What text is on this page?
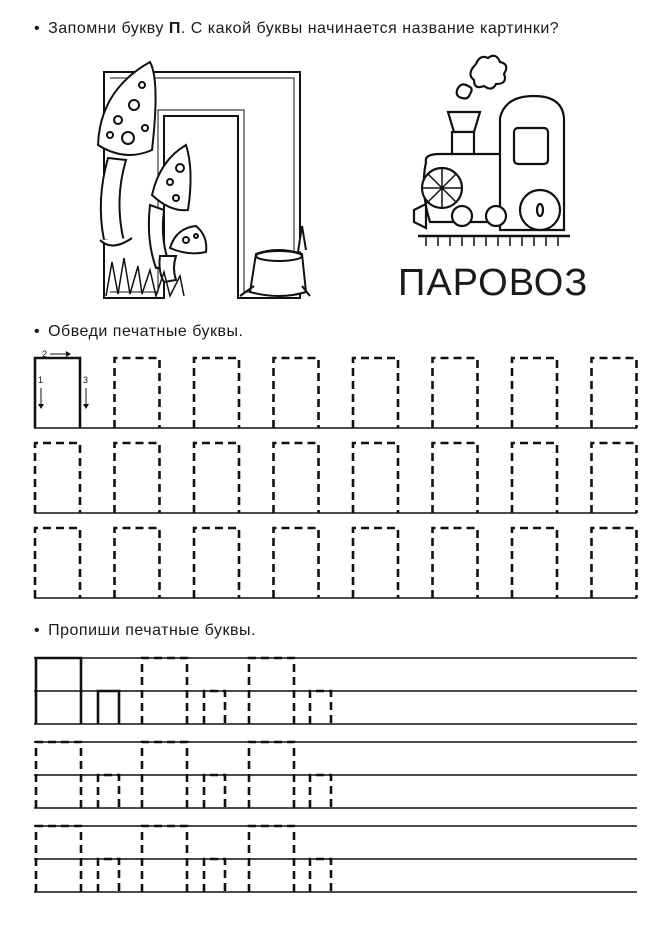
• Запомни букву П. С какой буквы начинается название картинки?
ПАРОВОЗ
• Обведи печатные буквы.
• Пропиши печатные буквы.
2
1	3
